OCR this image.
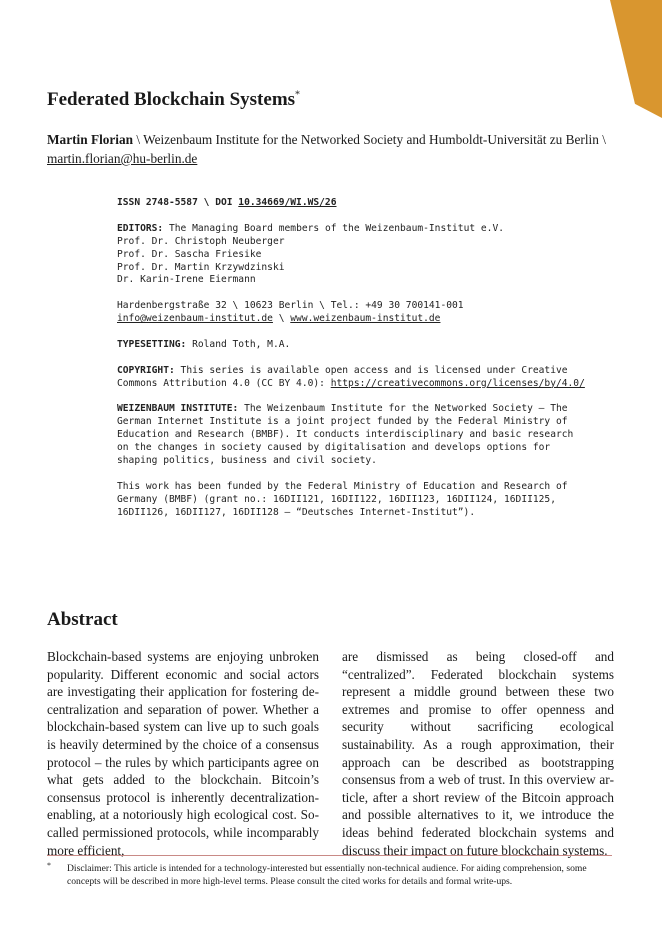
Federated Blockchain Systems*
Martin Florian \ Weizenbaum Institute for the Networked Society and Humboldt-Universität zu Berlin \
martin.florian@hu-berlin.de

ISSN 2748-5587 \ DOI 10.34669/WI.WS/26

EDITORS: The Managing Board members of the Weizenbaum-Institut e.V.
Prof. Dr. Christoph Neuberger
Prof. Dr. Sascha Friesike
Prof. Dr. Martin Krzywdzinski
Dr. Karin-Irene Eiermann

Hardenbergstraße 32 \ 10623 Berlin \ Tel.: +49 30 700141-001
info@weizenbaum-institut.de \ www.weizenbaum-institut.de

TYPESETTING: Roland Toth, M.A.

COPYRIGHT: This series is available open access and is licensed under Creative
Commons Attribution 4.0 (CC BY 4.0): https://creativecommons.org/licenses/by/4.0/

WEIZENBAUM INSTITUTE: The Weizenbaum Institute for the Networked Society – The
German Internet Institute is a joint project funded by the Federal Ministry of
Education and Research (BMBF). It conducts interdisciplinary and basic research
on the changes in society caused by digitalisation and develops options for
shaping politics, business and civil society.

This work has been funded by the Federal Ministry of Education and Research of
Germany (BMBF) (grant no.: 16DII121, 16DII122, 16DII123, 16DII124, 16DII125,
16DII126, 16DII127, 16DII128 – “Deutsches Internet-Institut”).

Abstract

Blockchain-based systems are enjoying unbroken popularity. Different economic and social actors are investigating their application for fostering decentralization and separation of power. Whether a blockchain-based system can live up to such goals is heavily determined by the choice of a consensus protocol – the rules by which participants agree on what gets added to the blockchain. Bitcoin’s consensus protocol is inherently decentralization-enabling, at a notoriously high ecological cost. So-called permissioned protocols, while incomparably more efficient,

are dismissed as being closed-off and “centralized”. Federated blockchain systems represent a middle ground between these two extremes and promise to offer openness and security without sacrificing ecological sustainability. As a rough approximation, their approach can be described as bootstrapping consensus from a web of trust. In this overview article, after a short review of the Bitcoin approach and possible alternatives to it, we introduce the ideas behind federated blockchain systems and discuss their impact on future blockchain systems.

* Disclaimer: This article is intended for a technology-interested but essentially non-technical audience. For aiding comprehension, some concepts will be described in more high-level terms. Please consult the cited works for details and formal write-ups.
